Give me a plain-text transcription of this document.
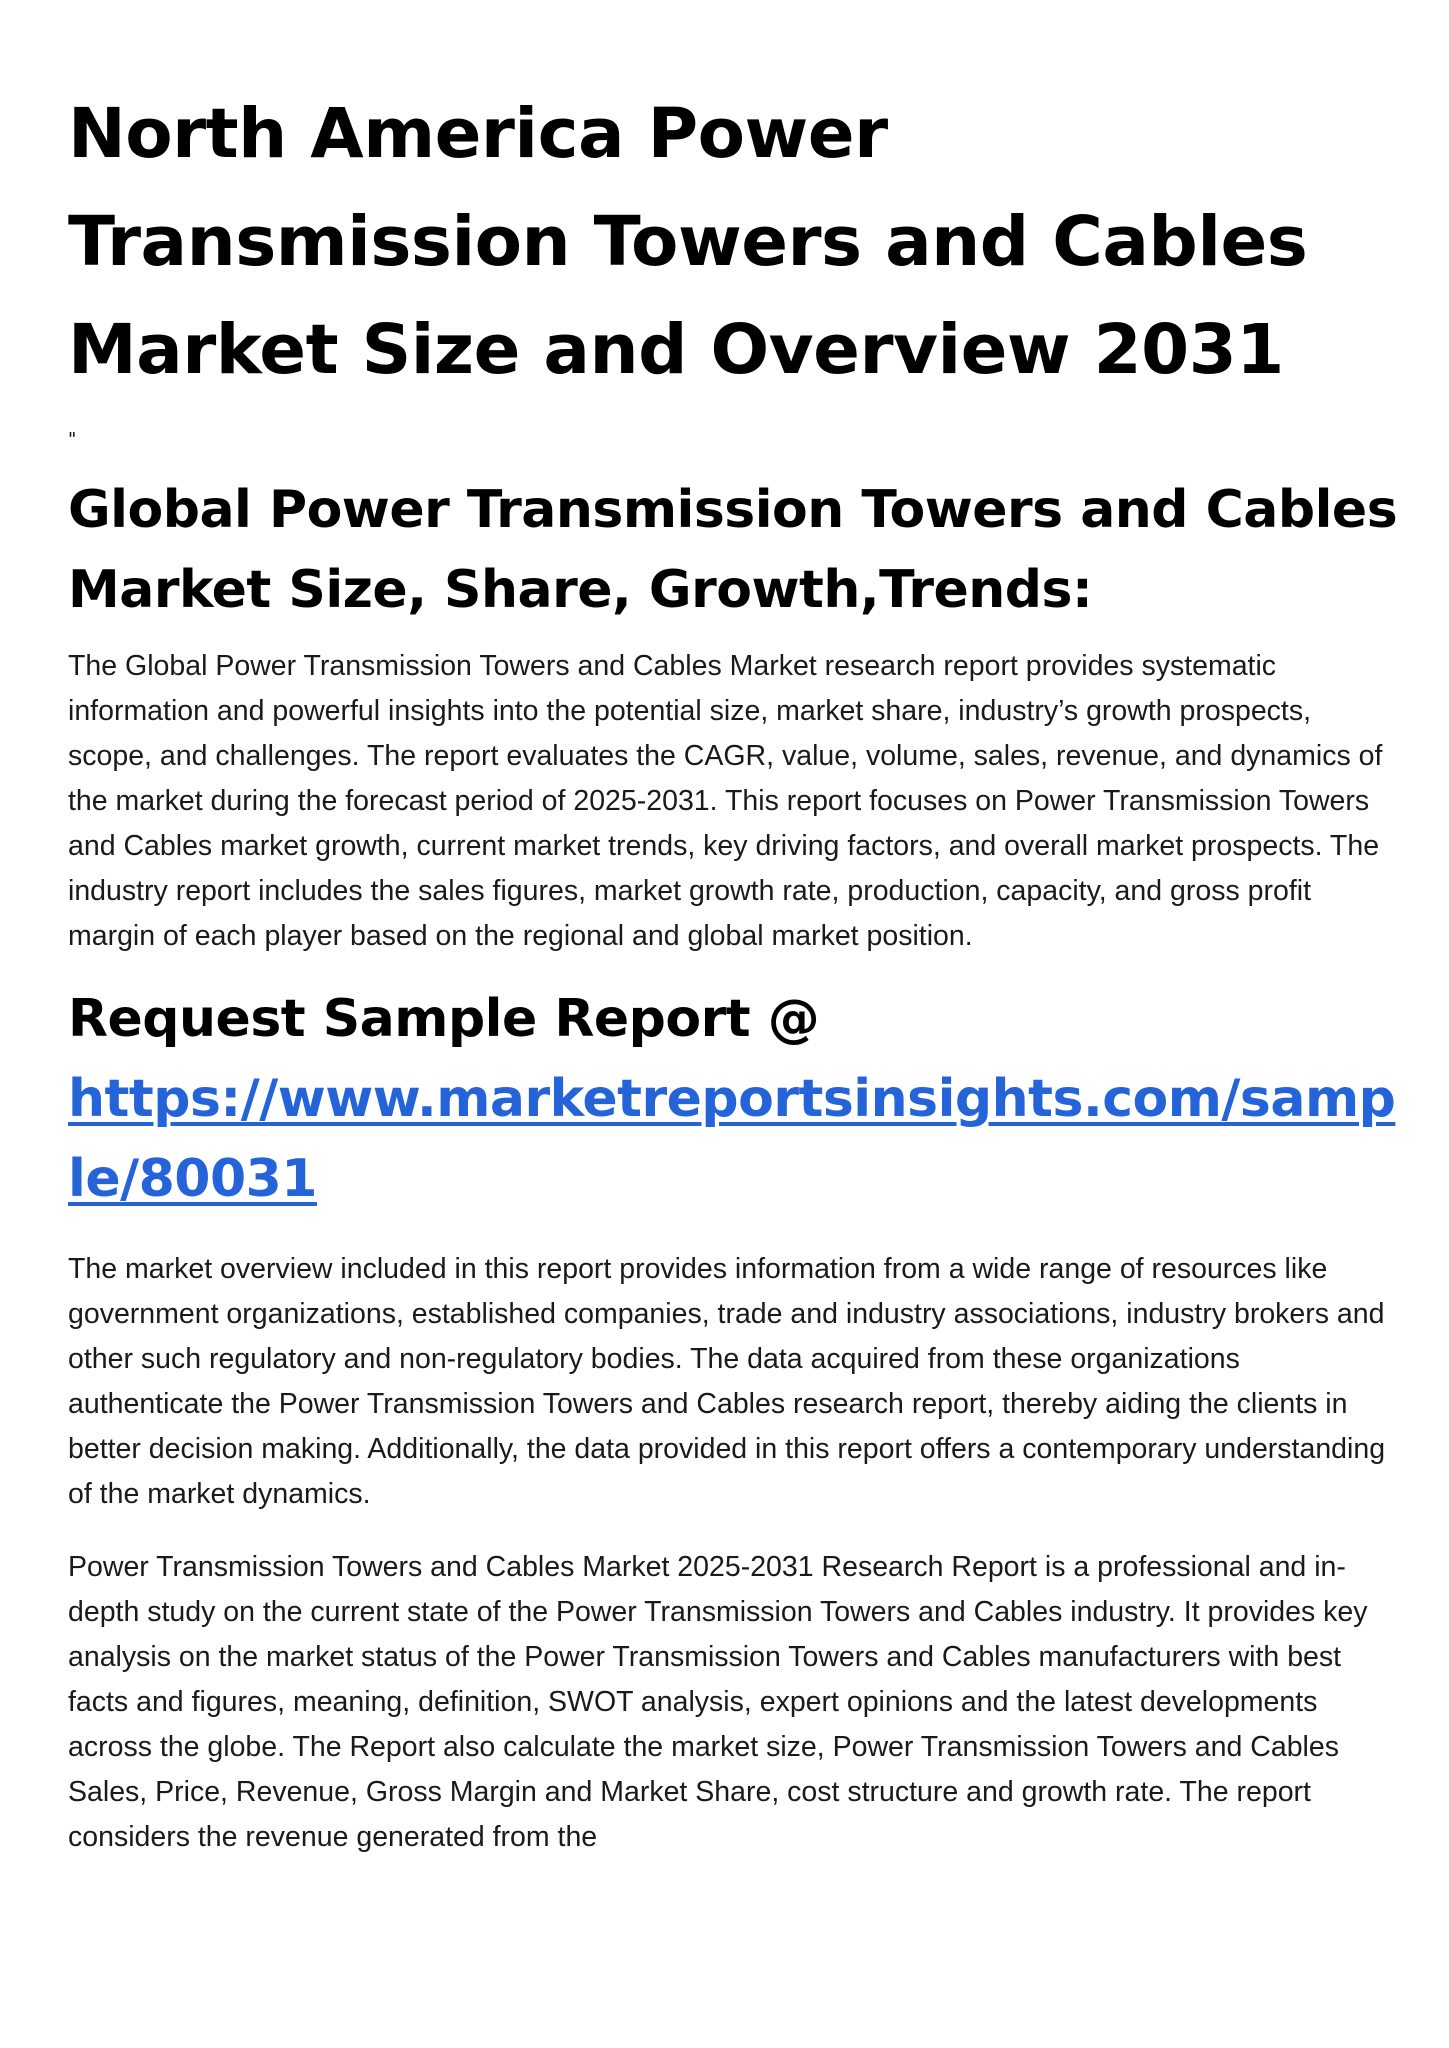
North America Power Transmission Towers and Cables Market Size and Overview 2031
"
Global Power Transmission Towers and Cables Market Size, Share, Growth,Trends:

The Global Power Transmission Towers and Cables Market research report provides systematic information and powerful insights into the potential size, market share, industry’s growth prospects, scope, and challenges. The report evaluates the CAGR, value, volume, sales, revenue, and dynamics of the market during the forecast period of 2025-2031. This report focuses on Power Transmission Towers and Cables market growth, current market trends, key driving factors, and overall market prospects. The industry report includes the sales figures, market growth rate, production, capacity, and gross profit margin of each player based on the regional and global market position.

Request Sample Report @
https://www.marketreportsinsights.com/sample/80031

The market overview included in this report provides information from a wide range of resources like government organizations, established companies, trade and industry associations, industry brokers and other such regulatory and non-regulatory bodies. The data acquired from these organizations authenticate the Power Transmission Towers and Cables research report, thereby aiding the clients in better decision making. Additionally, the data provided in this report offers a contemporary understanding of the market dynamics.

Power Transmission Towers and Cables Market 2025-2031 Research Report is a professional and in-depth study on the current state of the Power Transmission Towers and Cables industry. It provides key analysis on the market status of the Power Transmission Towers and Cables manufacturers with best facts and figures, meaning, definition, SWOT analysis, expert opinions and the latest developments across the globe. The Report also calculate the market size, Power Transmission Towers and Cables Sales, Price, Revenue, Gross Margin and Market Share, cost structure and growth rate. The report considers the revenue generated from the
